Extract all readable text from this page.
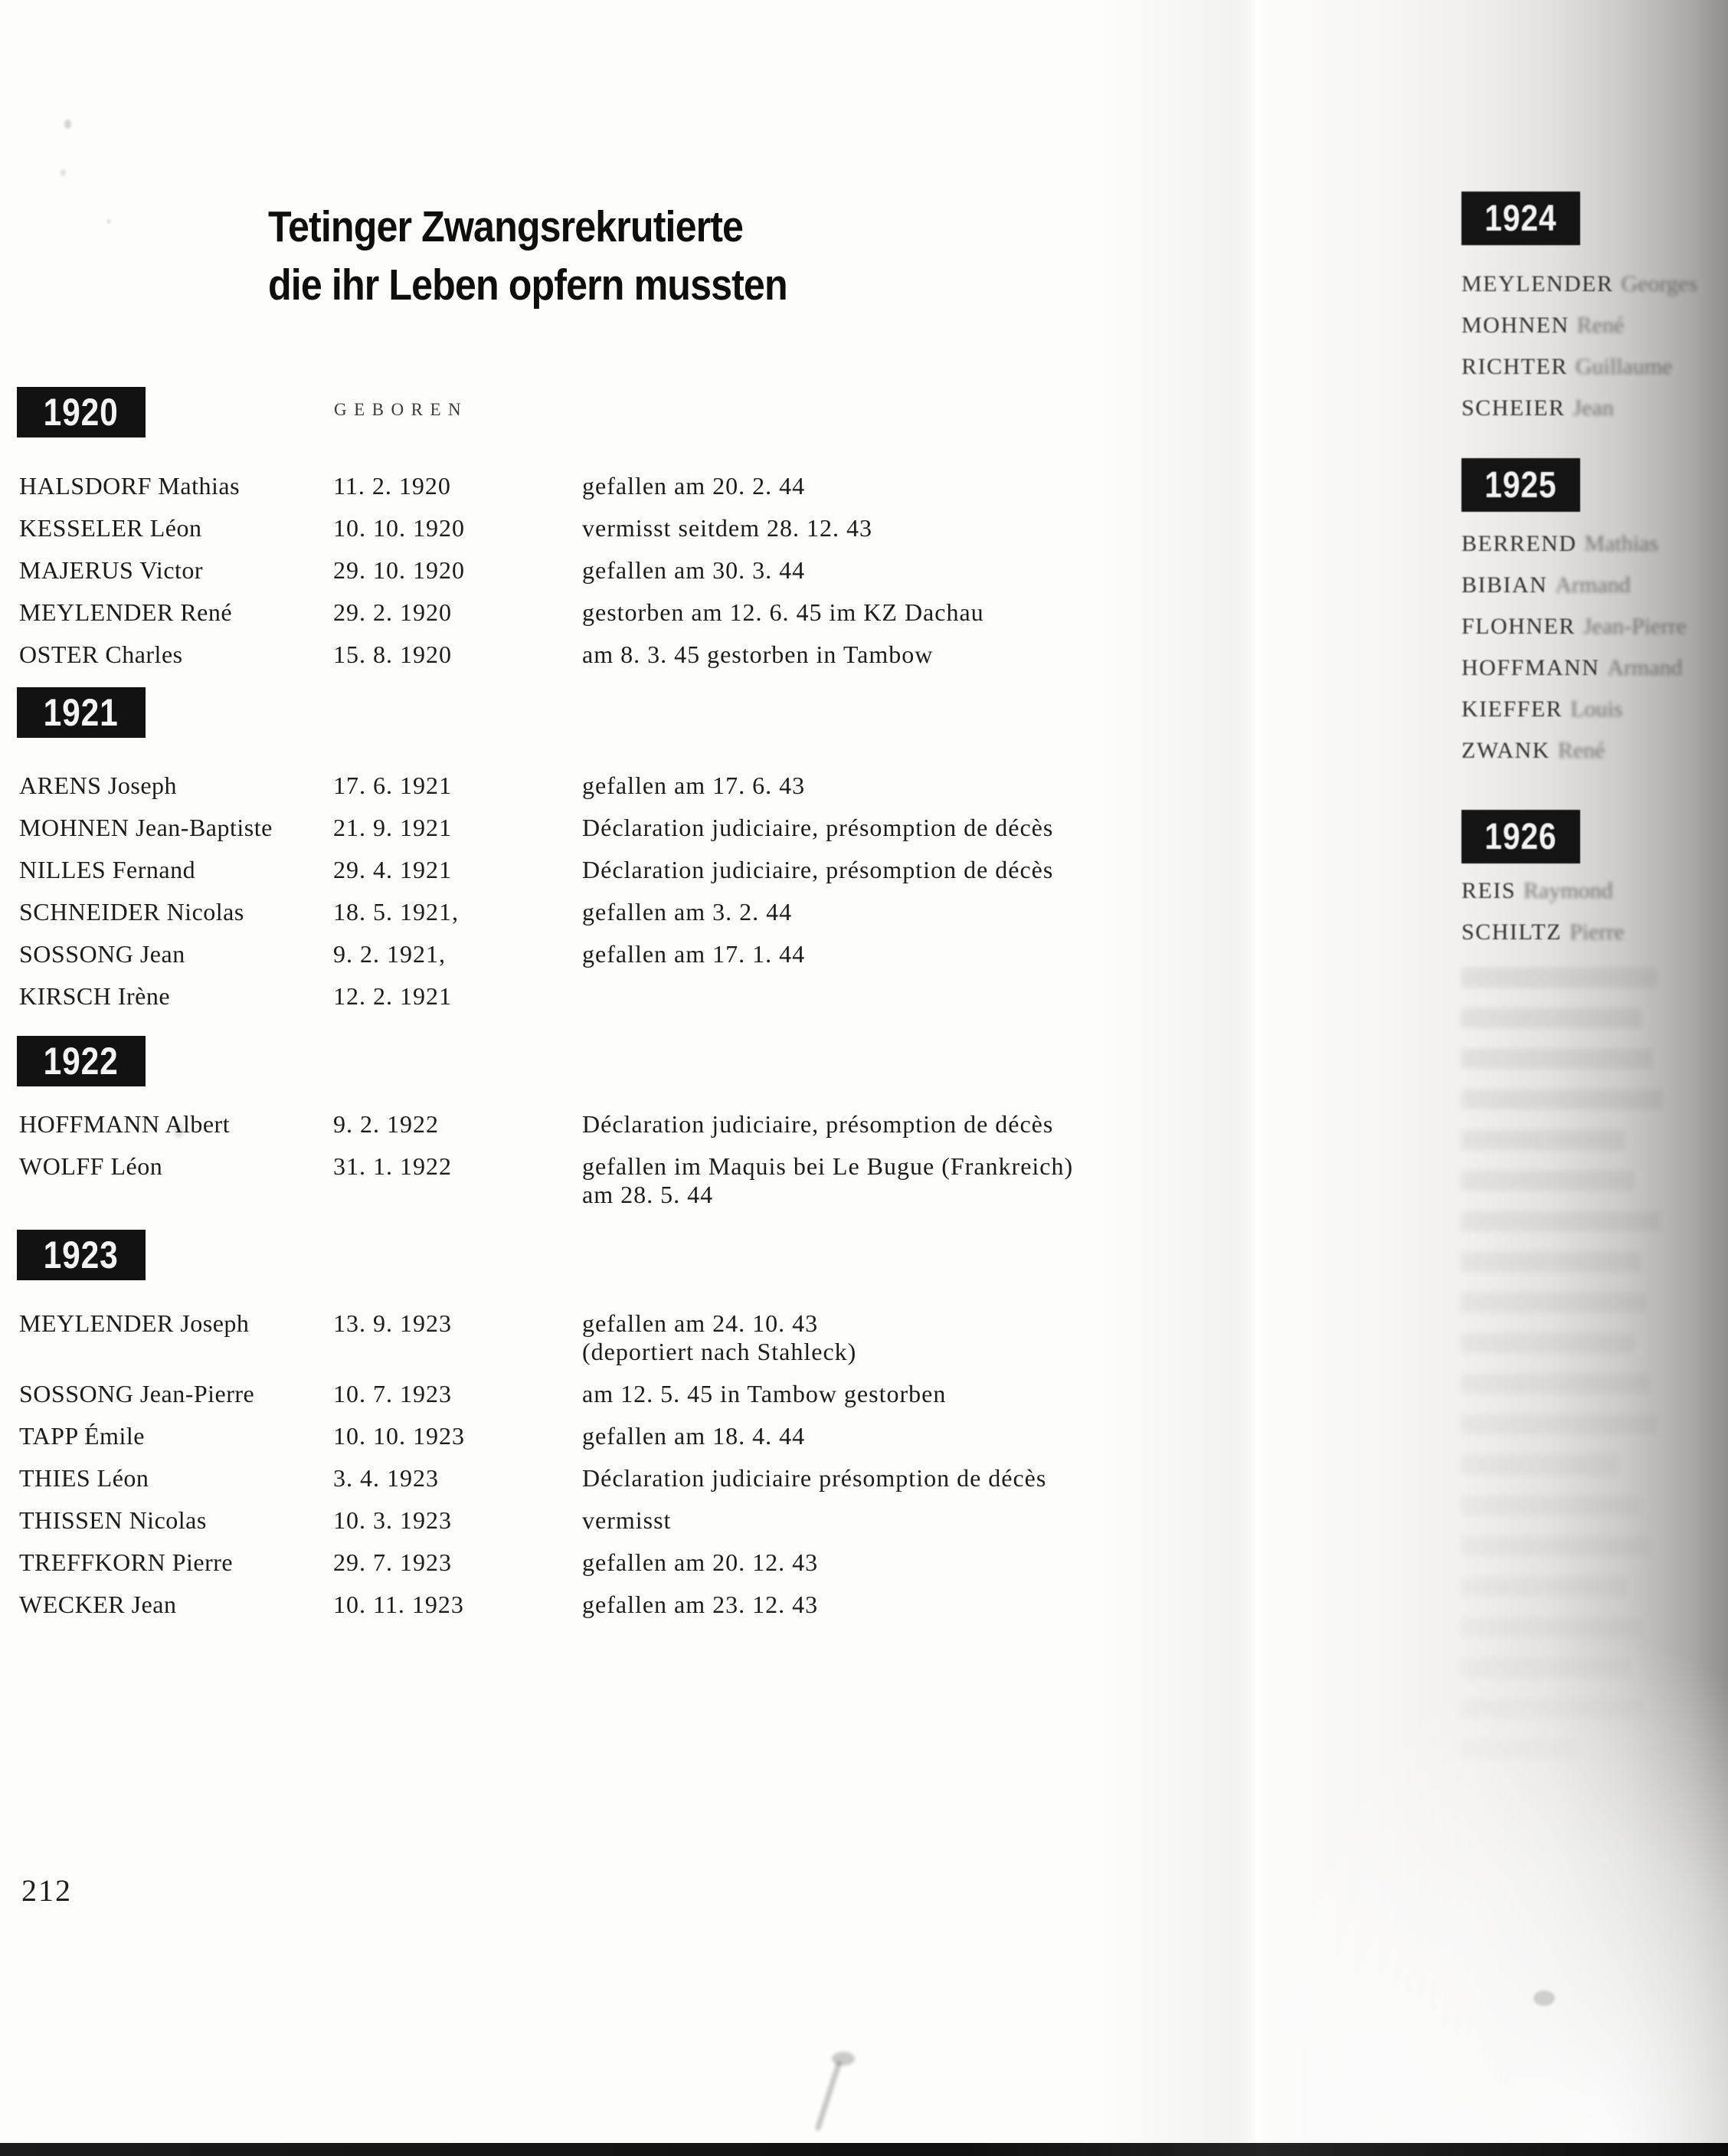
Tetinger Zwangsrekrutierte
die ihr Leben opfern mussten
GEBOREN
1920
HALSDORF Mathias	11. 2. 1920	gefallen am 20. 2. 44
KESSELER Léon	10. 10. 1920	vermisst seitdem 28. 12. 43
MAJERUS Victor	29. 10. 1920	gefallen am 30. 3. 44
MEYLENDER René	29. 2. 1920	gestorben am 12. 6. 45 im KZ Dachau
OSTER Charles	15. 8. 1920	am 8. 3. 45 gestorben in Tambow
1921
ARENS Joseph	17. 6. 1921	gefallen am 17. 6. 43
MOHNEN Jean-Baptiste	21. 9. 1921	Déclaration judiciaire, présomption de décès
NILLES Fernand	29. 4. 1921	Déclaration judiciaire, présomption de décès
SCHNEIDER Nicolas	18. 5. 1921,	gefallen am 3. 2. 44
SOSSONG Jean	9. 2. 1921,	gefallen am 17. 1. 44
KIRSCH Irène	12. 2. 1921
1922
HOFFMANN Albert	9. 2. 1922	Déclaration judiciaire, présomption de décès
WOLFF Léon	31. 1. 1922	gefallen im Maquis bei Le Bugue (Frankreich)
am 28. 5. 44
1923
MEYLENDER Joseph	13. 9. 1923	gefallen am 24. 10. 43
(deportiert nach Stahleck)
SOSSONG Jean-Pierre	10. 7. 1923	am 12. 5. 45 in Tambow gestorben
TAPP Émile	10. 10. 1923	gefallen am 18. 4. 44
THIES Léon	3. 4. 1923	Déclaration judiciaire présomption de décès
THISSEN Nicolas	10. 3. 1923	vermisst
TREFFKORN Pierre	29. 7. 1923	gefallen am 20. 12. 43
WECKER Jean	10. 11. 1923	gefallen am 23. 12. 43
212
1924
MEYLENDER Georges
MOHNEN René
RICHTER Guillaume
SCHEIER Jean
1925
BERREND Mathias
BIBIAN Armand
FLOHNER Jean-Pierre
HOFFMANN Armand
KIEFFER Louis
ZWANK René
1926
REIS Raymond
SCHILTZ Pierre
